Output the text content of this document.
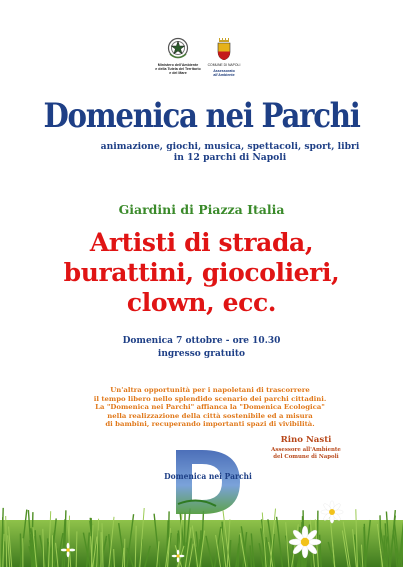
Ministero dell'Ambiente
e della Tutela del Territorio
e del Mare
COMUNE DI NAPOLI
Assessorato
all'Ambiente
Domenica nei Parchi
animazione, giochi, musica, spettacoli, sport, libri
in 12 parchi di Napoli
Giardini di Piazza Italia
Artisti di strada,
burattini, giocolieri,
clown, ecc.
Domenica 7 ottobre - ore 10.30
ingresso gratuito
Un'altra opportunità per i napoletani di trascorrere
il tempo libero nello splendido scenario dei parchi cittadini.
La "Domenica nei Parchi" affianca la "Domenica Ecologica"
nella realizzazione della città sostenibile ed a misura
di bambini, recuperando importanti spazi di vivibilità.
Rino Nasti
Assessore all'Ambiente
del Comune di Napoli
Domenica nei Parchi
